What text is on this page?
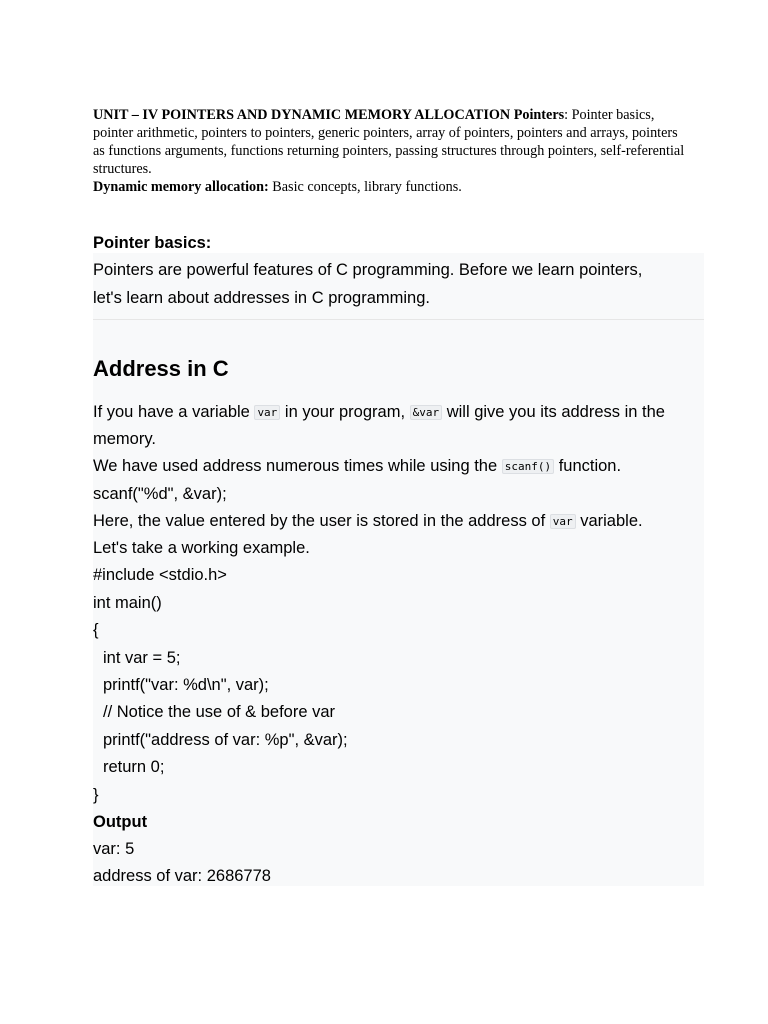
UNIT – IV POINTERS AND DYNAMIC MEMORY ALLOCATION Pointers: Pointer basics, pointer arithmetic, pointers to pointers, generic pointers, array of pointers, pointers and arrays, pointers as functions arguments, functions returning pointers, passing structures through pointers, self-referential structures.

Dynamic memory allocation: Basic concepts, library functions.

Pointer basics:
Pointers are powerful features of C programming. Before we learn pointers,
let's learn about addresses in C programming.
Address in C
If you have a variable var in your program, &var will give you its address in the
memory.
We have used address numerous times while using the scanf() function.
scanf("%d", &var);
Here, the value entered by the user is stored in the address of var variable.
Let's take a working example.
#include <stdio.h>
int main()
{
int var = 5;
printf("var: %d\n", var);
// Notice the use of & before var
printf("address of var: %p", &var);
return 0;
}
Output
var: 5
address of var: 2686778
